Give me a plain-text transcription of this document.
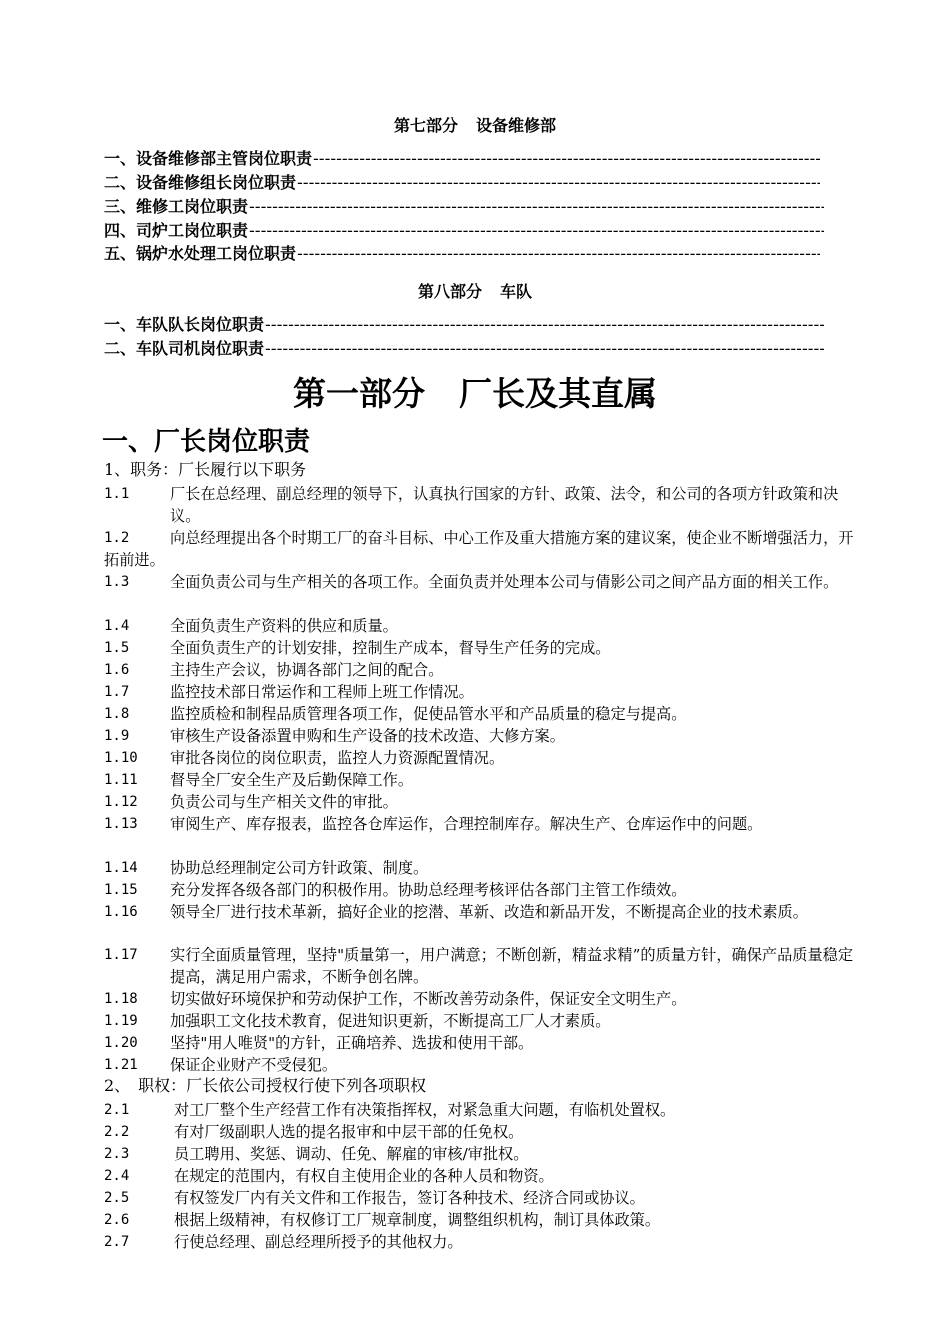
第七部分 设备维修部
一、设备维修部主管岗位职责
-----
二、设备维修组长岗位职责
-----
三、维修工岗位职责
-----
四、司炉工岗位职责
-----
五、锅炉水处理工岗位职责
-----
第八部分 车队
一、车队队长岗位职责
-----
二、车队司机岗位职责
-----
第一部分 厂长及其直属
一、厂长岗位职责
1、职务：厂长履行以下职务
1.1	厂长在总经理、副总经理的领导下，认真执行国家的方针、政策、法令，和公司的各项方针政策和决议。
1.2	向总经理提出各个时期工厂的奋斗目标、中心工作及重大措施方案的建议案，使企业不断增强活力，开拓前进。
1.3	全面负责公司与生产相关的各项工作。全面负责并处理本公司与倩影公司之间产品方面的相关工作。
1.4	全面负责生产资料的供应和质量。
1.5	全面负责生产的计划安排，控制生产成本，督导生产任务的完成。
1.6	主持生产会议，协调各部门之间的配合。
1.7	监控技术部日常运作和工程师上班工作情况。
1.8	监控质检和制程品质管理各项工作，促使品管水平和产品质量的稳定与提高。
1.9	审核生产设备添置申购和生产设备的技术改造、大修方案。
1.10 审批各岗位的岗位职责，监控人力资源配置情况。
1.11 督导全厂安全生产及后勤保障工作。
1.12 负责公司与生产相关文件的审批。
1.13 审阅生产、库存报表，监控各仓库运作，合理控制库存。解决生产、仓库运作中的问题。
1.14 协助总经理制定公司方针政策、制度。
1.15 充分发挥各级各部门的积极作用。协助总经理考核评估各部门主管工作绩效。
1.16 领导全厂进行技术革新，搞好企业的挖潜、革新、改造和新品开发，不断提高企业的技术素质。
1.17 实行全面质量管理，坚持"质量第一，用户满意；不断创新，精益求精”的质量方针，确保产品质量稳定提高，满足用户需求，不断争创名牌。
1.18 切实做好环境保护和劳动保护工作，不断改善劳动条件，保证安全文明生产。
1.19 加强职工文化技术教育，促进知识更新，不断提高工厂人才素质。
1.20 坚持"用人唯贤"的方针，正确培养、选拔和使用干部。
1.21 保证企业财产不受侵犯。
2、　职权：厂长依公司授权行使下列各项职权
2.1	对工厂整个生产经营工作有决策指挥权，对紧急重大问题，有临机处置权。
2.2	有对厂级副职人选的提名报审和中层干部的任免权。
2.3	员工聘用、奖惩、调动、任免、解雇的审核/审批权。
2.4	在规定的范围内，有权自主使用企业的各种人员和物资。
2.5	有权签发厂内有关文件和工作报告，签订各种技术、经济合同或协议。
2.6	根据上级精神，有权修订工厂规章制度，调整组织机构，制订具体政策。
2.7	行使总经理、副总经理所授予的其他权力。
